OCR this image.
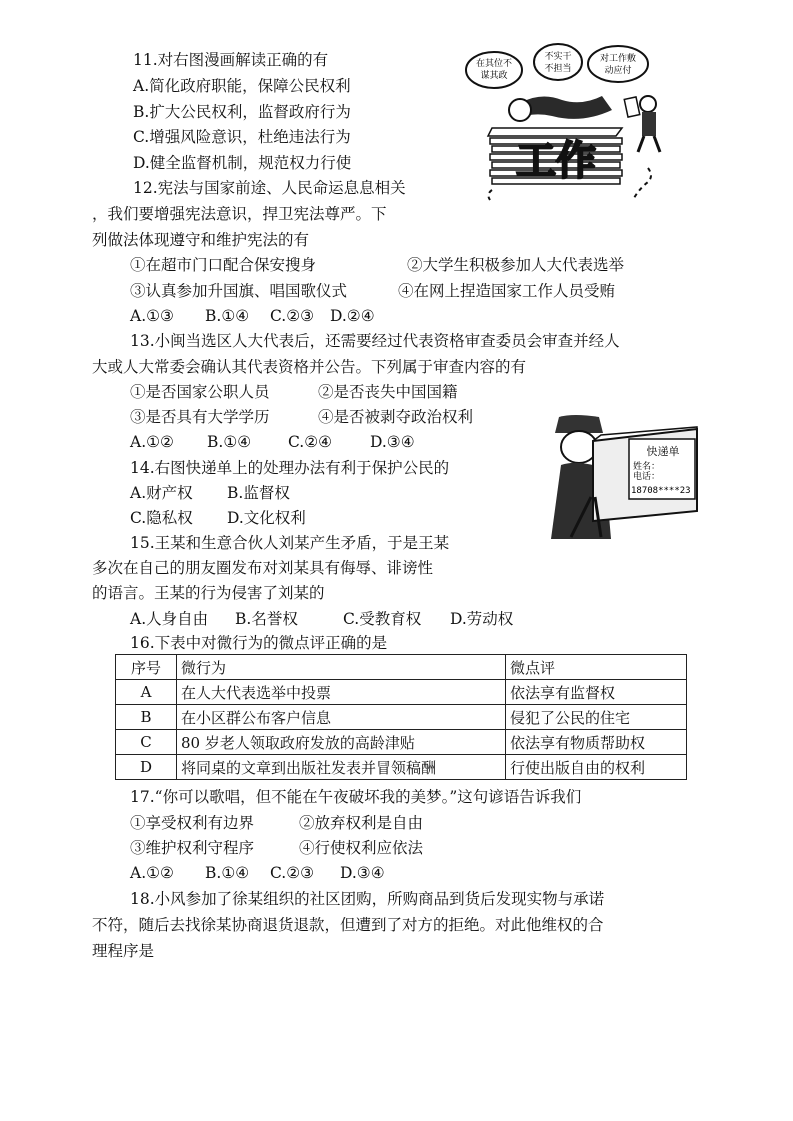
11.对右图漫画解读正确的有
A.简化政府职能，保障公民权利
B.扩大公民权利，监督政府行为
C.增强风险意识，杜绝违法行为
D.健全监督机制，规范权力行使
在其位不
谋其政
不实干
不担当
对工作敷
动应付
工作
12.宪法与国家前途、人民命运息息相关
，我们要增强宪法意识，捍卫宪法尊严。下
列做法体现遵守和维护宪法的有
①在超市门口配合保安搜身	②大学生积极参加人大代表选举
③认真参加升国旗、唱国歌仪式	④在网上捏造国家工作人员受贿
A.①③ B.①④ C.②③ D.②④
13.小闽当选区人大代表后，还需要经过代表资格审查委员会审查并经人
大或人大常委会确认其代表资格并公告。下列属于审查内容的有
①是否国家公职人员	②是否丧失中国国籍
③是否具有大学学历	④是否被剥夺政治权利
A.①② B.①④ C.②④ D.③④
快递单
姓名：
电话：
18708****23
14.右图快递单上的处理办法有利于保护公民的
A.财产权 B.监督权
C.隐私权 D.文化权利
15.王某和生意合伙人刘某产生矛盾，于是王某
多次在自己的朋友圈发布对刘某具有侮辱、诽谤性
的语言。王某的行为侵害了刘某的
A.人身自由 B.名誉权	C.受教育权 D.劳动权
16.下表中对微行为的微点评正确的是
序号	微行为	微点评
A	在人大代表选举中投票	依法享有监督权
B	在小区群公布客户信息	侵犯了公民的住宅
C	80 岁老人领取政府发放的高龄津贴	依法享有物质帮助权
D	将同桌的文章到出版社发表并冒领稿酬	行使出版自由的权利
17.“你可以歌唱，但不能在午夜破坏我的美梦。”这句谚语告诉我们
①享受权利有边界	②放弃权利是自由
③维护权利守程序	④行使权利应依法
A.①② B.①④ C.②③ D.③④
18.小风参加了徐某组织的社区团购，所购商品到货后发现实物与承诺
不符，随后去找徐某协商退货退款，但遭到了对方的拒绝。对此他维权的合
理程序是
